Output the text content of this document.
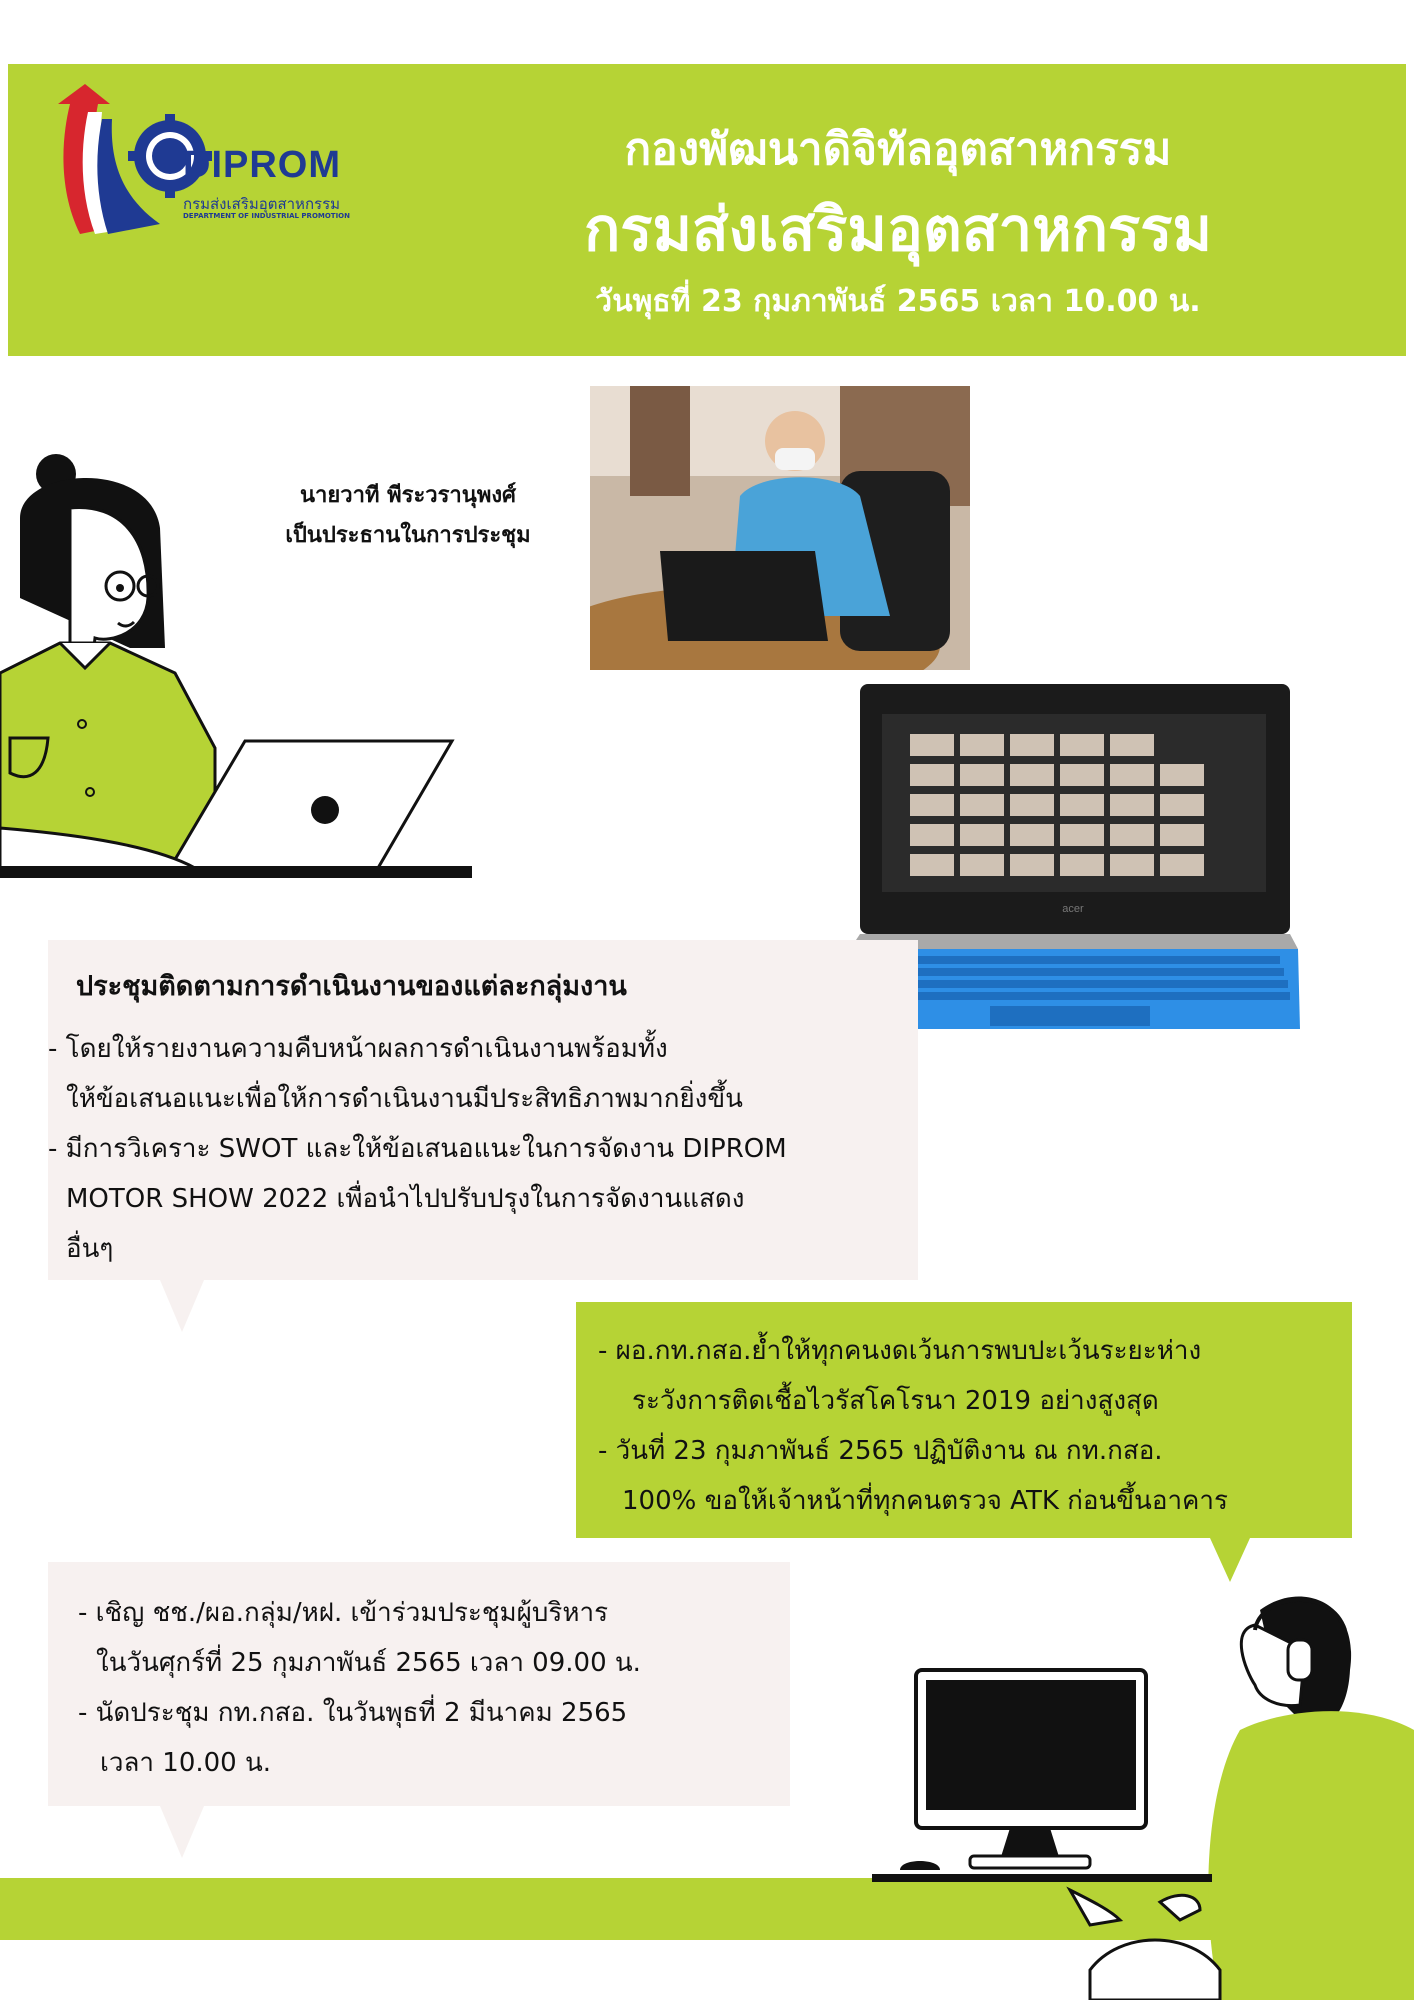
DIPROM
กรมส่งเสริมอุตสาหกรรม
DEPARTMENT OF INDUSTRIAL PROMOTION
กองพัฒนาดิจิทัลอุตสาหกรรม
กรมส่งเสริมอุตสาหกรรม
วันพุธที่ 23 กุมภาพันธ์ 2565 เวลา 10.00 น.
นายวาที พีระวรานุพงศ์
เป็นประธานในการประชุม
acer
ประชุมติดตามการดำเนินงานของแต่ละกลุ่มงาน
- โดยให้รายงานความคืบหน้าผลการดำเนินงานพร้อมทั้ง
ให้ข้อเสนอแนะเพื่อให้การดำเนินงานมีประสิทธิภาพมากยิ่งขึ้น
- มีการวิเคราะ SWOT และให้ข้อเสนอแนะในการจัดงาน DIPROM
MOTOR SHOW 2022 เพื่อนำไปปรับปรุงในการจัดงานแสดง
อื่นๆ
- ผอ.กท.กสอ.ย้ำให้ทุกคนงดเว้นการพบปะเว้นระยะห่าง
ระวังการติดเชื้อไวรัสโคโรนา 2019 อย่างสูงสุด
- วันที่ 23 กุมภาพันธ์ 2565 ปฏิบัติงาน ณ กท.กสอ.
100% ขอให้เจ้าหน้าที่ทุกคนตรวจ ATK ก่อนขึ้นอาคาร
- เชิญ ชช./ผอ.กลุ่ม/หฝ. เข้าร่วมประชุมผู้บริหาร
ในวันศุกร์ที่ 25 กุมภาพันธ์ 2565 เวลา 09.00 น.
- นัดประชุม กท.กสอ. ในวันพุธที่ 2 มีนาคม 2565
เวลา 10.00 น.
